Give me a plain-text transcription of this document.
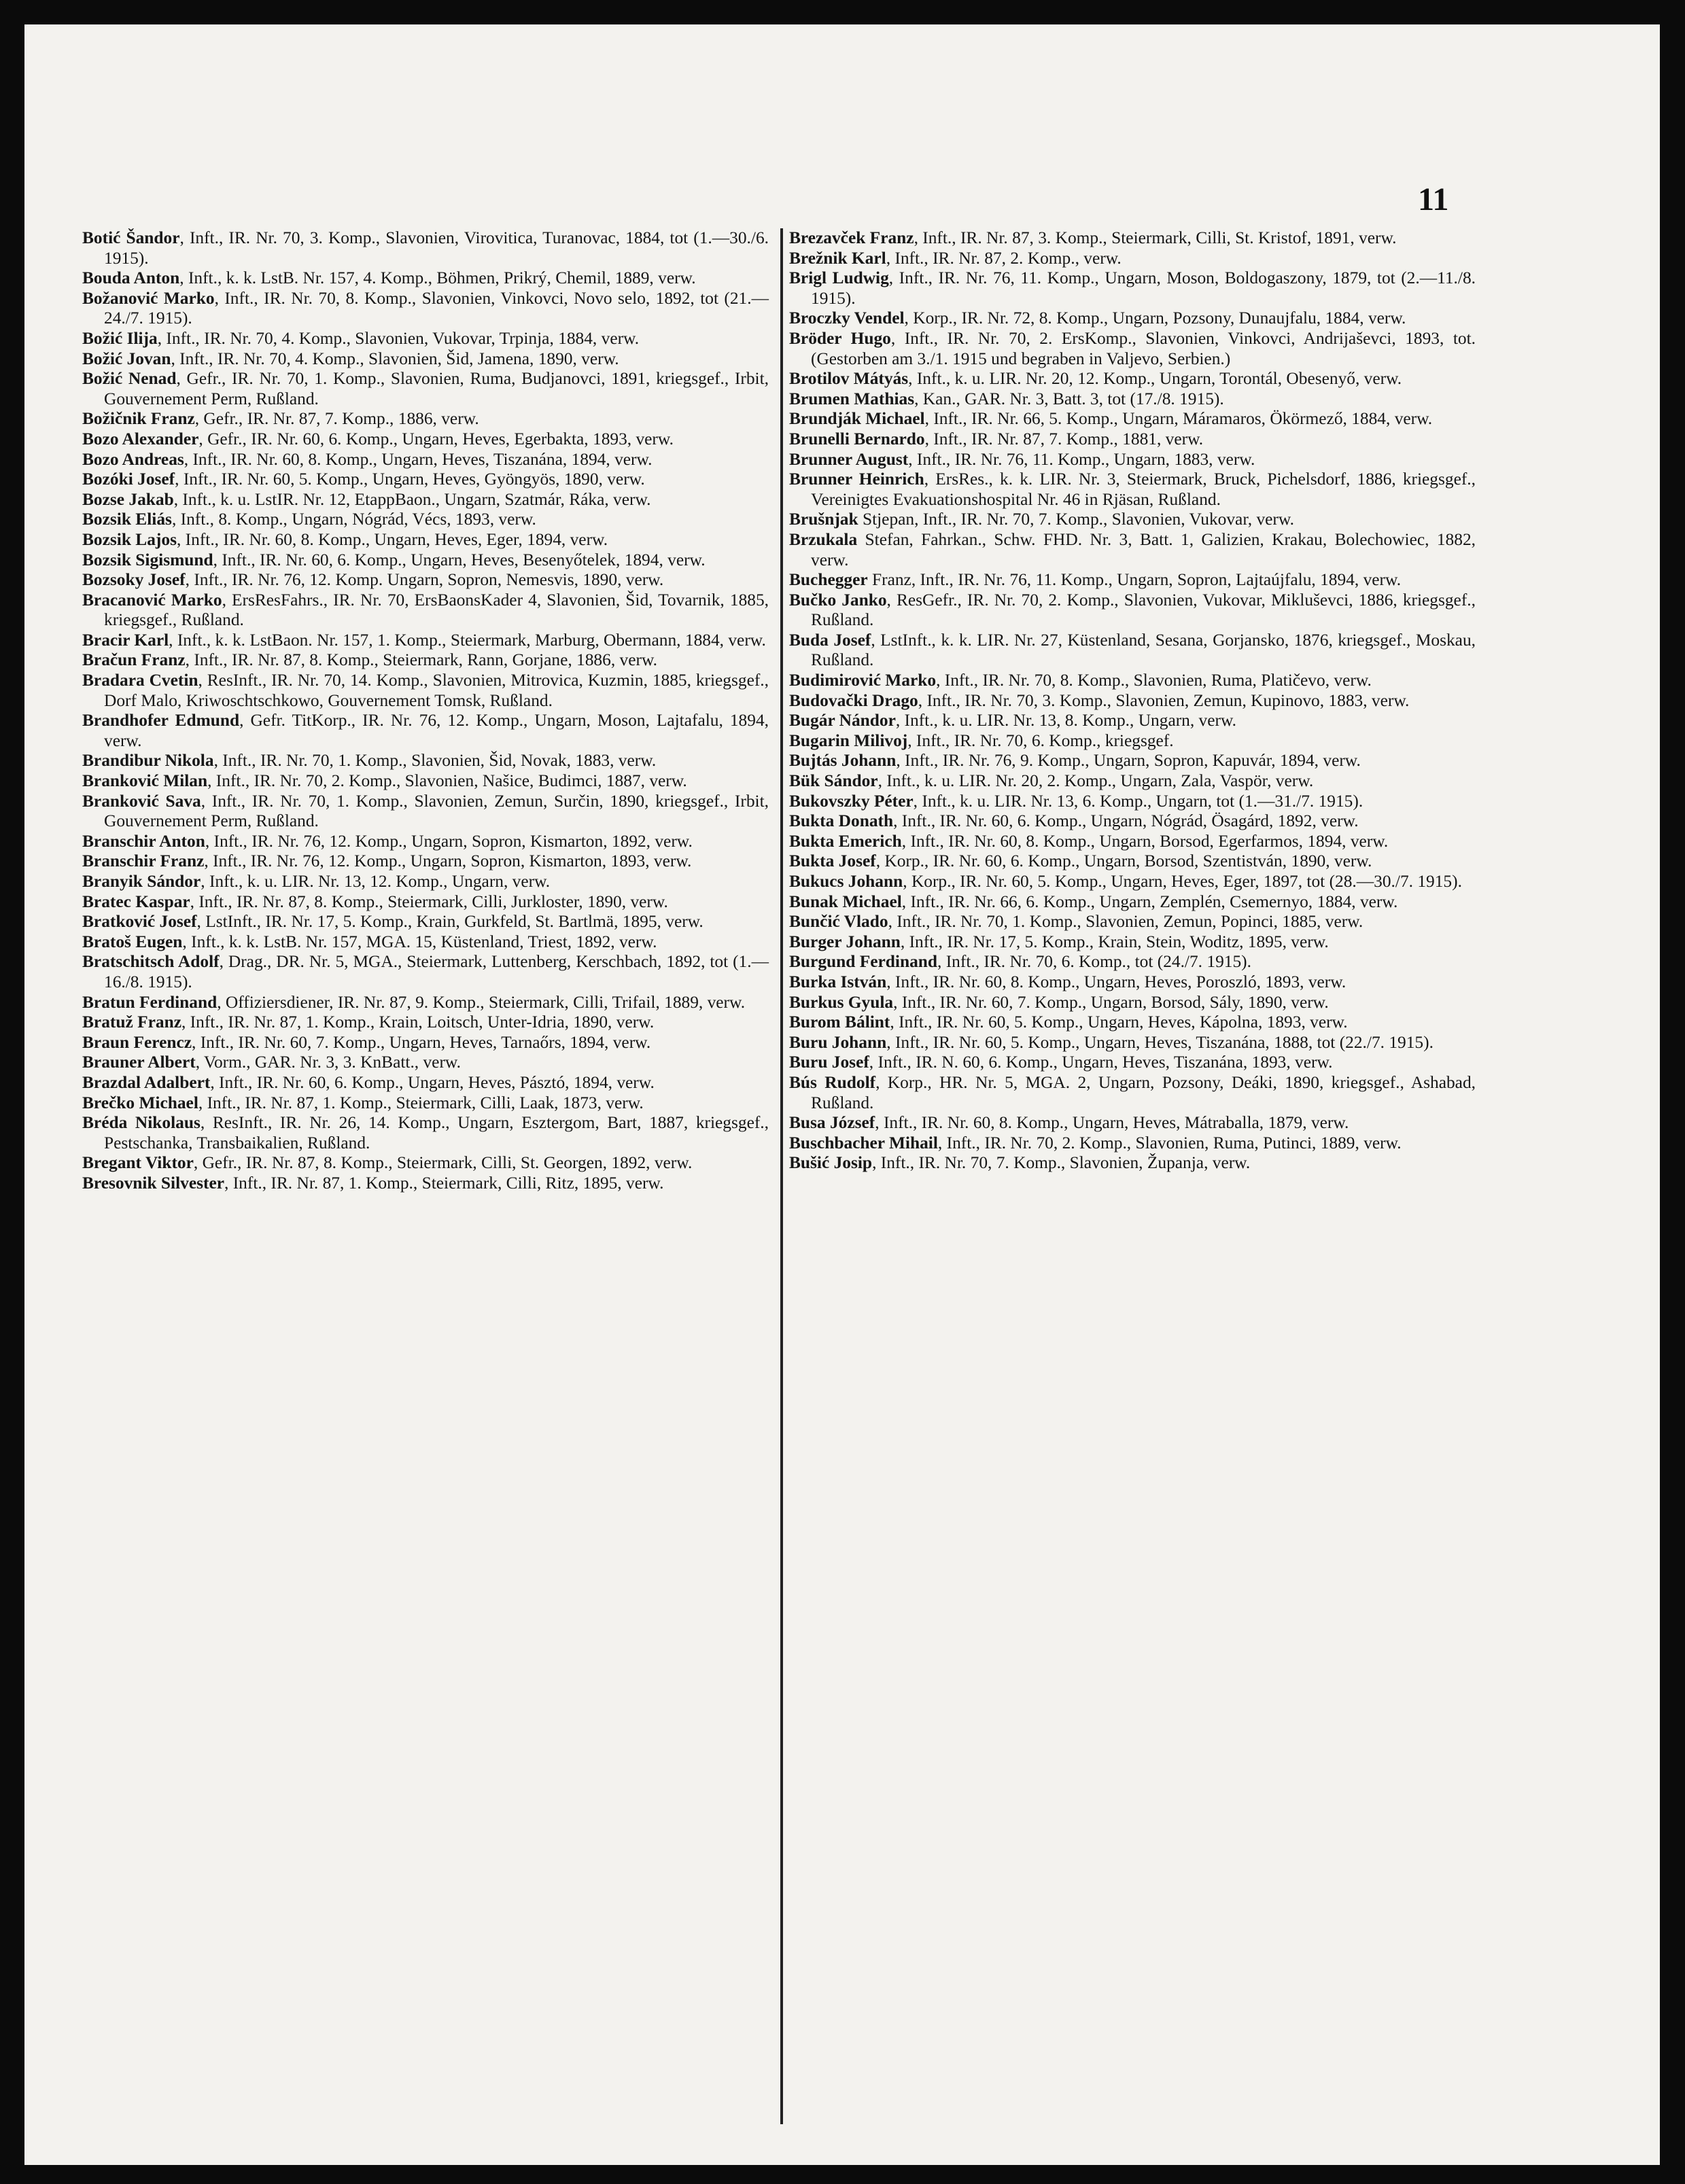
11

Botić Šandor, Inft., IR. Nr. 70, 3. Komp., Slavonien, Virovitica, Turanovac, 1884, tot (1.—30./6. 1915).

Bouda Anton, Inft., k. k. LstB. Nr. 157, 4. Komp., Böhmen, Prikrý, Chemil, 1889, verw.

Božanović Marko, Inft., IR. Nr. 70, 8. Komp., Slavonien, Vinkovci, Novo selo, 1892, tot (21.—24./7. 1915).

Božić Ilija, Inft., IR. Nr. 70, 4. Komp., Slavonien, Vukovar, Trpinja, 1884, verw.

Božić Jovan, Inft., IR. Nr. 70, 4. Komp., Slavonien, Šid, Jamena, 1890, verw.

Božić Nenad, Gefr., IR. Nr. 70, 1. Komp., Slavonien, Ruma, Budjanovci, 1891, kriegsgef., Irbit, Gouvernement Perm, Rußland.

Božičnik Franz, Gefr., IR. Nr. 87, 7. Komp., 1886, verw.

Bozo Alexander, Gefr., IR. Nr. 60, 6. Komp., Ungarn, Heves, Egerbakta, 1893, verw.

Bozo Andreas, Inft., IR. Nr. 60, 8. Komp., Ungarn, Heves, Tiszanána, 1894, verw.

Bozóki Josef, Inft., IR. Nr. 60, 5. Komp., Ungarn, Heves, Gyöngyös, 1890, verw.

Bozse Jakab, Inft., k. u. LstIR. Nr. 12, EtappBaon., Ungarn, Szatmár, Ráka, verw.

Bozsik Eliás, Inft., 8. Komp., Ungarn, Nógrád, Vécs, 1893, verw.

Bozsik Lajos, Inft., IR. Nr. 60, 8. Komp., Ungarn, Heves, Eger, 1894, verw.

Bozsik Sigismund, Inft., IR. Nr. 60, 6. Komp., Ungarn, Heves, Besenyőtelek, 1894, verw.

Bozsoky Josef, Inft., IR. Nr. 76, 12. Komp. Ungarn, Sopron, Nemesvis, 1890, verw.

Bracanović Marko, ErsResFahrs., IR. Nr. 70, ErsBaonsKader 4, Slavonien, Šid, Tovarnik, 1885, kriegsgef., Rußland.

Bracir Karl, Inft., k. k. LstBaon. Nr. 157, 1. Komp., Steiermark, Marburg, Obermann, 1884, verw.

Bračun Franz, Inft., IR. Nr. 87, 8. Komp., Steiermark, Rann, Gorjane, 1886, verw.

Bradara Cvetin, ResInft., IR. Nr. 70, 14. Komp., Slavonien, Mitrovica, Kuzmin, 1885, kriegsgef., Dorf Malo, Kriwoschtschkowo, Gouvernement Tomsk, Rußland.

Brandhofer Edmund, Gefr. TitKorp., IR. Nr. 76, 12. Komp., Ungarn, Moson, Lajtafalu, 1894, verw.

Brandibur Nikola, Inft., IR. Nr. 70, 1. Komp., Slavonien, Šid, Novak, 1883, verw.

Branković Milan, Inft., IR. Nr. 70, 2. Komp., Slavonien, Našice, Budimci, 1887, verw.

Branković Sava, Inft., IR. Nr. 70, 1. Komp., Slavonien, Zemun, Surčin, 1890, kriegsgef., Irbit, Gouvernement Perm, Rußland.

Branschir Anton, Inft., IR. Nr. 76, 12. Komp., Ungarn, Sopron, Kismarton, 1892, verw.

Branschir Franz, Inft., IR. Nr. 76, 12. Komp., Ungarn, Sopron, Kismarton, 1893, verw.

Branyik Sándor, Inft., k. u. LIR. Nr. 13, 12. Komp., Ungarn, verw.

Bratec Kaspar, Inft., IR. Nr. 87, 8. Komp., Steiermark, Cilli, Jurkloster, 1890, verw.

Bratković Josef, LstInft., IR. Nr. 17, 5. Komp., Krain, Gurkfeld, St. Bartlmä, 1895, verw.

Bratoš Eugen, Inft., k. k. LstB. Nr. 157, MGA. 15, Küstenland, Triest, 1892, verw.

Bratschitsch Adolf, Drag., DR. Nr. 5, MGA., Steiermark, Luttenberg, Kerschbach, 1892, tot (1.—16./8. 1915).

Bratun Ferdinand, Offiziersdiener, IR. Nr. 87, 9. Komp., Steiermark, Cilli, Trifail, 1889, verw.

Bratuž Franz, Inft., IR. Nr. 87, 1. Komp., Krain, Loitsch, Unter-Idria, 1890, verw.

Braun Ferencz, Inft., IR. Nr. 60, 7. Komp., Ungarn, Heves, Tarnaőrs, 1894, verw.

Brauner Albert, Vorm., GAR. Nr. 3, 3. KnBatt., verw.

Brazdal Adalbert, Inft., IR. Nr. 60, 6. Komp., Ungarn, Heves, Pásztó, 1894, verw.

Brečko Michael, Inft., IR. Nr. 87, 1. Komp., Steiermark, Cilli, Laak, 1873, verw.

Bréda Nikolaus, ResInft., IR. Nr. 26, 14. Komp., Ungarn, Esztergom, Bart, 1887, kriegsgef., Pestschanka, Transbaikalien, Rußland.

Bregant Viktor, Gefr., IR. Nr. 87, 8. Komp., Steiermark, Cilli, St. Georgen, 1892, verw.

Bresovnik Silvester, Inft., IR. Nr. 87, 1. Komp., Steiermark, Cilli, Ritz, 1895, verw.

Brezavček Franz, Inft., IR. Nr. 87, 3. Komp., Steiermark, Cilli, St. Kristof, 1891, verw.

Brežnik Karl, Inft., IR. Nr. 87, 2. Komp., verw.

Brigl Ludwig, Inft., IR. Nr. 76, 11. Komp., Ungarn, Moson, Boldogaszony, 1879, tot (2.—11./8. 1915).

Broczky Vendel, Korp., IR. Nr. 72, 8. Komp., Ungarn, Pozsony, Dunaujfalu, 1884, verw.

Bröder Hugo, Inft., IR. Nr. 70, 2. ErsKomp., Slavonien, Vinkovci, Andrijaševci, 1893, tot. (Gestorben am 3./1. 1915 und begraben in Valjevo, Serbien.)

Brotilov Mátyás, Inft., k. u. LIR. Nr. 20, 12. Komp., Ungarn, Torontál, Obesenyő, verw.

Brumen Mathias, Kan., GAR. Nr. 3, Batt. 3, tot (17./8. 1915).

Brundják Michael, Inft., IR. Nr. 66, 5. Komp., Ungarn, Máramaros, Ökörmező, 1884, verw.

Brunelli Bernardo, Inft., IR. Nr. 87, 7. Komp., 1881, verw.

Brunner August, Inft., IR. Nr. 76, 11. Komp., Ungarn, 1883, verw.

Brunner Heinrich, ErsRes., k. k. LIR. Nr. 3, Steiermark, Bruck, Pichelsdorf, 1886, kriegsgef., Vereinigtes Evakuationshospital Nr. 46 in Rjäsan, Rußland.

Brušnjak Stjepan, Inft., IR. Nr. 70, 7. Komp., Slavonien, Vukovar, verw.

Brzukala Stefan, Fahrkan., Schw. FHD. Nr. 3, Batt. 1, Galizien, Krakau, Bolechowiec, 1882, verw.

Buchegger Franz, Inft., IR. Nr. 76, 11. Komp., Ungarn, Sopron, Lajtaújfalu, 1894, verw.

Bučko Janko, ResGefr., IR. Nr. 70, 2. Komp., Slavonien, Vukovar, Mikluševci, 1886, kriegsgef., Rußland.

Buda Josef, LstInft., k. k. LIR. Nr. 27, Küstenland, Sesana, Gorjansko, 1876, kriegsgef., Moskau, Rußland.

Budimirović Marko, Inft., IR. Nr. 70, 8. Komp., Slavonien, Ruma, Platičevo, verw.

Budovački Drago, Inft., IR. Nr. 70, 3. Komp., Slavonien, Zemun, Kupinovo, 1883, verw.

Bugár Nándor, Inft., k. u. LIR. Nr. 13, 8. Komp., Ungarn, verw.

Bugarin Milivoj, Inft., IR. Nr. 70, 6. Komp., kriegsgef.

Bujtás Johann, Inft., IR. Nr. 76, 9. Komp., Ungarn, Sopron, Kapuvár, 1894, verw.

Bük Sándor, Inft., k. u. LIR. Nr. 20, 2. Komp., Ungarn, Zala, Vaspör, verw.

Bukovszky Péter, Inft., k. u. LIR. Nr. 13, 6. Komp., Ungarn, tot (1.—31./7. 1915).

Bukta Donath, Inft., IR. Nr. 60, 6. Komp., Ungarn, Nógrád, Ösagárd, 1892, verw.

Bukta Emerich, Inft., IR. Nr. 60, 8. Komp., Ungarn, Borsod, Egerfarmos, 1894, verw.

Bukta Josef, Korp., IR. Nr. 60, 6. Komp., Ungarn, Borsod, Szentistván, 1890, verw.

Bukucs Johann, Korp., IR. Nr. 60, 5. Komp., Ungarn, Heves, Eger, 1897, tot (28.—30./7. 1915).

Bunak Michael, Inft., IR. Nr. 66, 6. Komp., Ungarn, Zemplén, Csemernyo, 1884, verw.

Bunčić Vlado, Inft., IR. Nr. 70, 1. Komp., Slavonien, Zemun, Popinci, 1885, verw.

Burger Johann, Inft., IR. Nr. 17, 5. Komp., Krain, Stein, Woditz, 1895, verw.

Burgund Ferdinand, Inft., IR. Nr. 70, 6. Komp., tot (24./7. 1915).

Burka István, Inft., IR. Nr. 60, 8. Komp., Ungarn, Heves, Poroszló, 1893, verw.

Burkus Gyula, Inft., IR. Nr. 60, 7. Komp., Ungarn, Borsod, Sály, 1890, verw.

Burom Bálint, Inft., IR. Nr. 60, 5. Komp., Ungarn, Heves, Kápolna, 1893, verw.

Buru Johann, Inft., IR. Nr. 60, 5. Komp., Ungarn, Heves, Tiszanána, 1888, tot (22./7. 1915).

Buru Josef, Inft., IR. N. 60, 6. Komp., Ungarn, Heves, Tiszanána, 1893, verw.

Bús Rudolf, Korp., HR. Nr. 5, MGA. 2, Ungarn, Pozsony, Deáki, 1890, kriegsgef., Ashabad, Rußland.

Busa József, Inft., IR. Nr. 60, 8. Komp., Ungarn, Heves, Mátraballa, 1879, verw.

Buschbacher Mihail, Inft., IR. Nr. 70, 2. Komp., Slavonien, Ruma, Putinci, 1889, verw.

Bušić Josip, Inft., IR. Nr. 70, 7. Komp., Slavonien, Županja, verw.
